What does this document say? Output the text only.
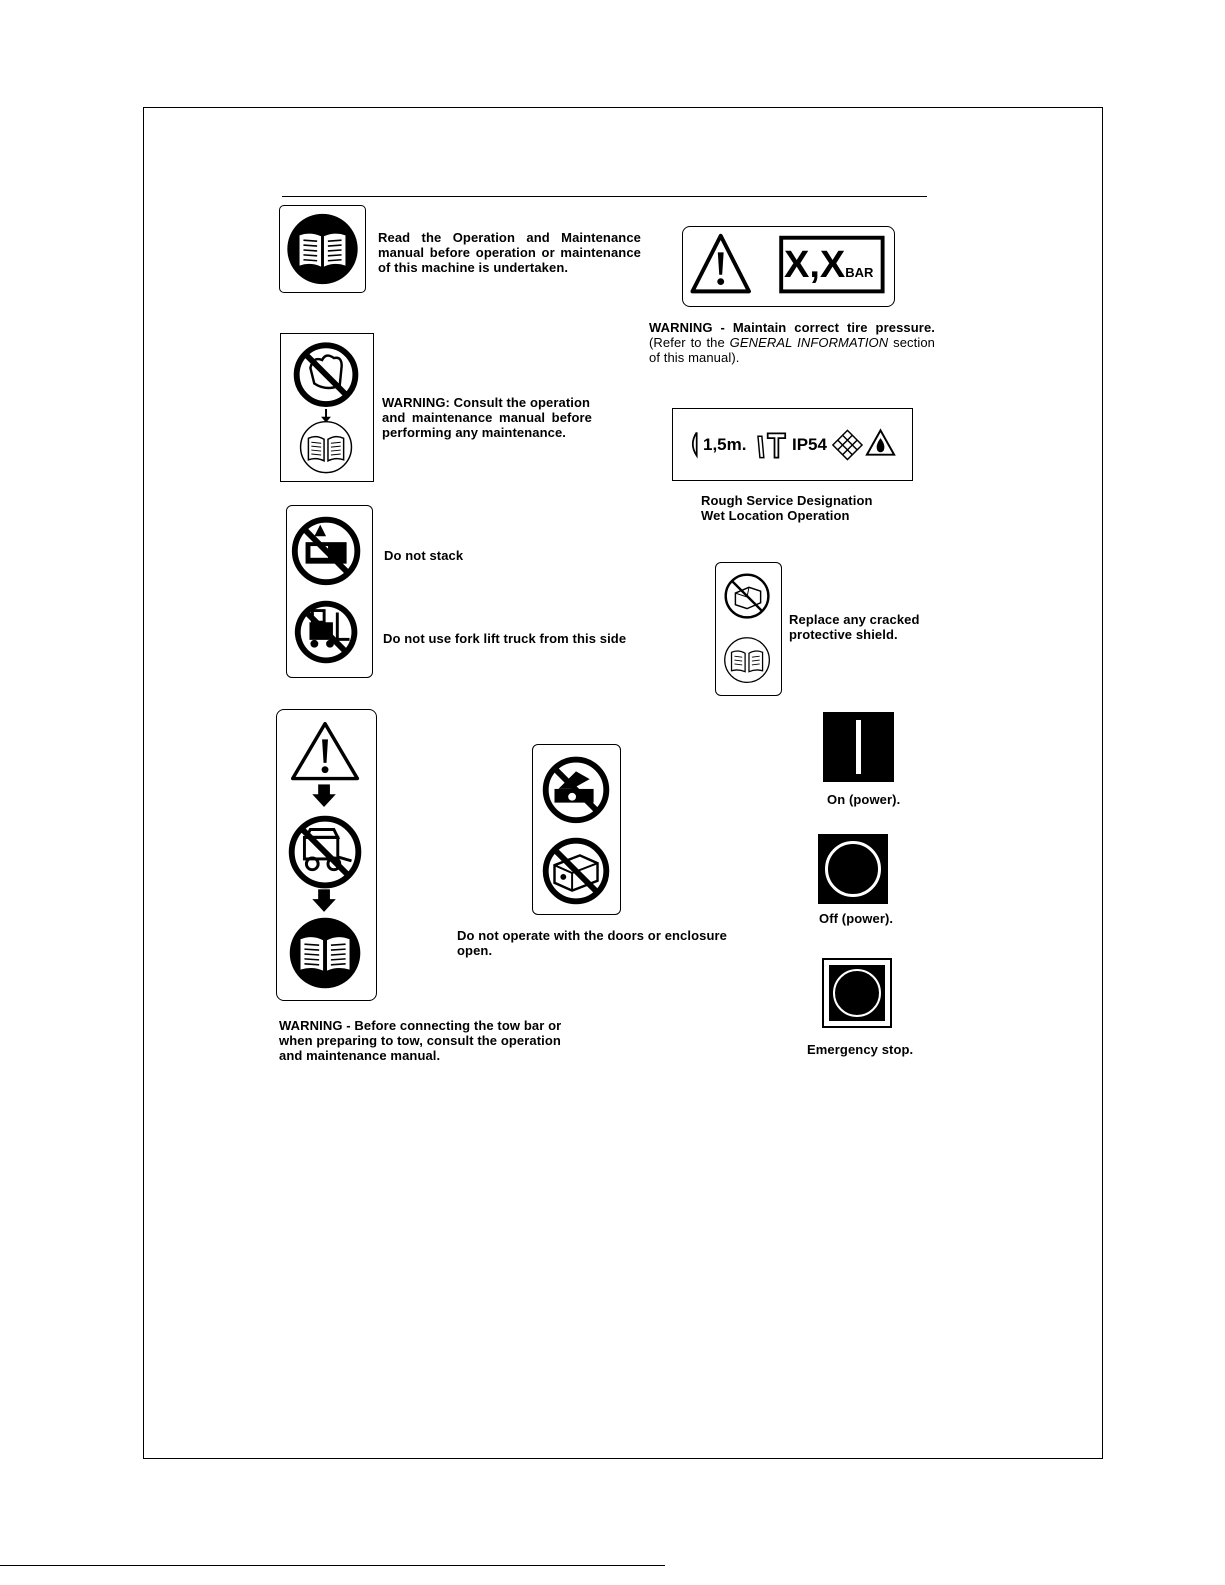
Read the Operation and Maintenance
manual before operation or maintenance
of this machine is undertaken.	X,XBAR
WARNING - Maintain correct tire pressure.
(Refer to the GENERAL INFORMATION section
of this manual).
WARNING: Consult the operation
and maintenance manual before
performing any maintenance.
1,5m.	IP54
Rough Service Designation
Wet Location Operation
Do not stack
Do not use fork lift truck from this side
Replace any cracked
protective shield.
WARNING - Before connecting the tow bar or
when preparing to tow, consult the operation
and maintenance manual.
Do not operate with the doors or enclosure
open.
On (power).
Off (power).
Emergency stop.
